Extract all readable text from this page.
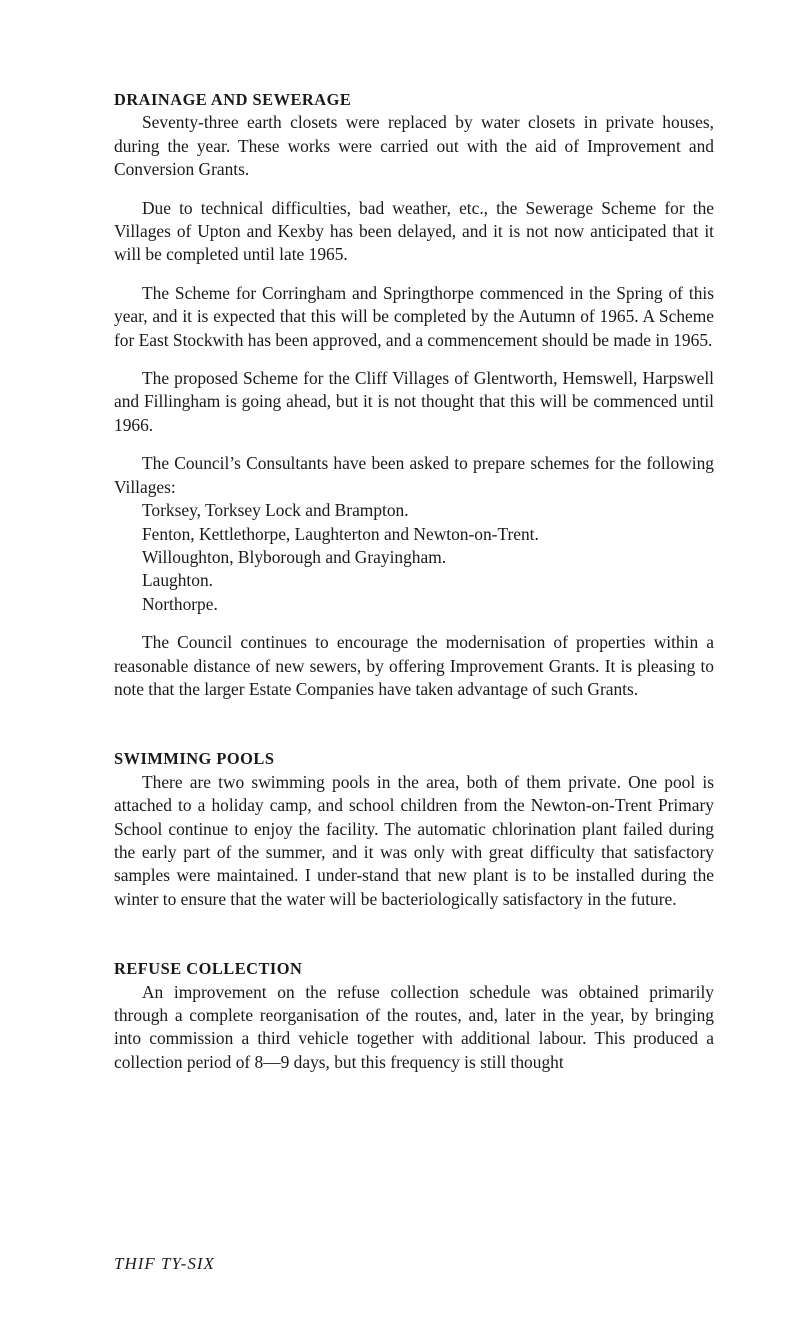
DRAINAGE AND SEWERAGE

Seventy-three earth closets were replaced by water closets in private houses, during the year. These works were carried out with the aid of Improvement and Conversion Grants.

Due to technical difficulties, bad weather, etc., the Sewerage Scheme for the Villages of Upton and Kexby has been delayed, and it is not now anticipated that it will be completed until late 1965.

The Scheme for Corringham and Springthorpe commenced in the Spring of this year, and it is expected that this will be completed by the Autumn of 1965. A Scheme for East Stockwith has been approved, and a commencement should be made in 1965.

The proposed Scheme for the Cliff Villages of Glentworth, Hemswell, Harpswell and Fillingham is going ahead, but it is not thought that this will be commenced until 1966.

The Council’s Consultants have been asked to prepare schemes for the following Villages:

Torksey, Torksey Lock and Brampton.
Fenton, Kettlethorpe, Laughterton and Newton-on-Trent.
Willoughton, Blyborough and Grayingham.
Laughton.
Northorpe.

The Council continues to encourage the modernisation of properties within a reasonable distance of new sewers, by offering Improvement Grants. It is pleasing to note that the larger Estate Companies have taken advantage of such Grants.

SWIMMING POOLS

There are two swimming pools in the area, both of them private. One pool is attached to a holiday camp, and school children from the Newton-on-Trent Primary School continue to enjoy the facility. The automatic chlorination plant failed during the early part of the summer, and it was only with great difficulty that satisfactory samples were maintained. I under-stand that new plant is to be installed during the winter to ensure that the water will be bacteriologically satisfactory in the future.

REFUSE COLLECTION

An improvement on the refuse collection schedule was obtained primarily through a complete reorganisation of the routes, and, later in the year, by bringing into commission a third vehicle together with additional labour. This produced a collection period of 8—9 days, but this frequency is still thought

THIF TY-SIX
